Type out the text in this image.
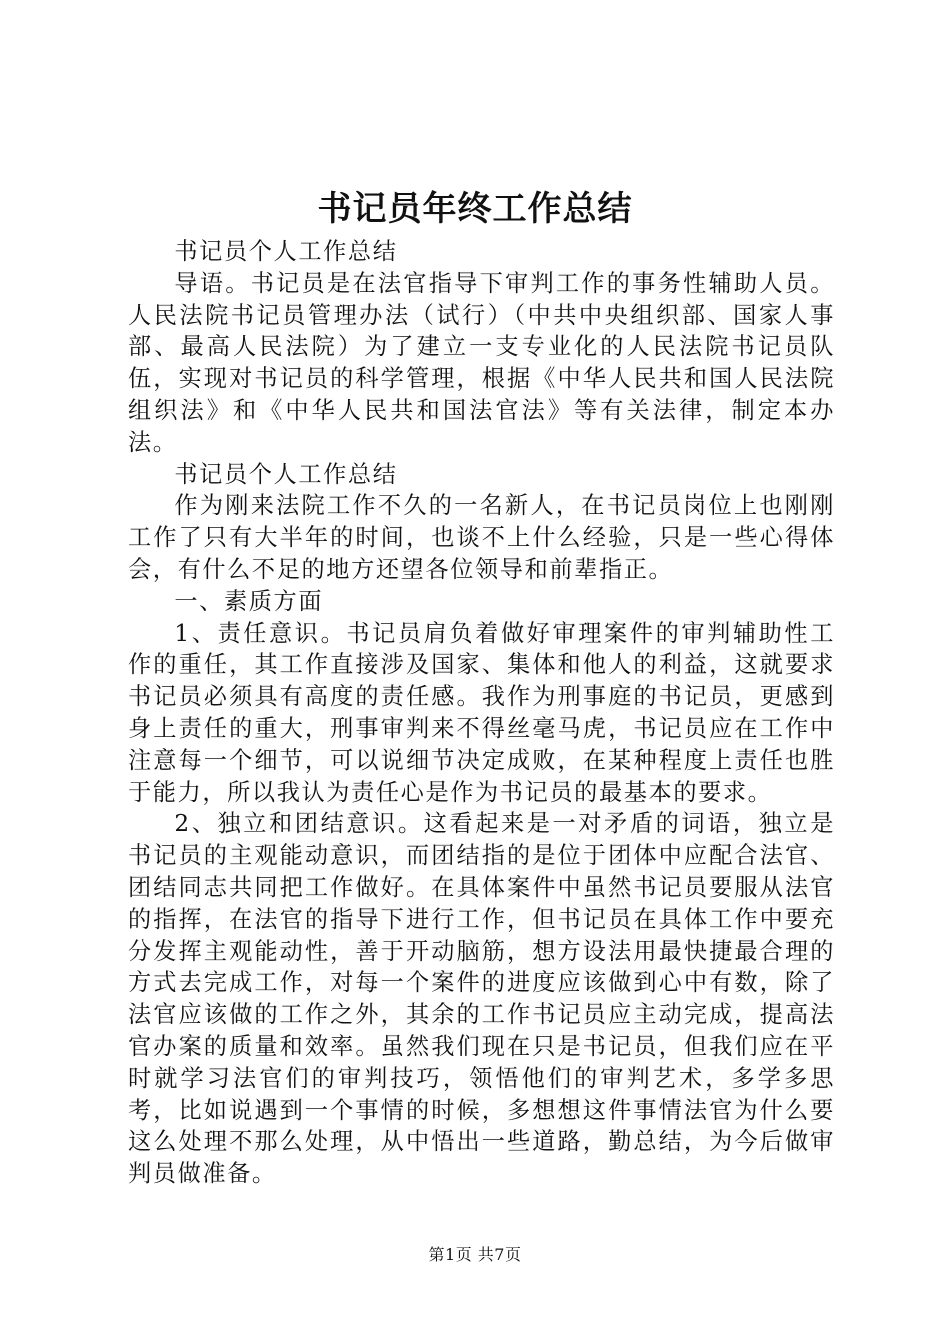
书记员年终工作总结

书记员个人工作总结

导语。书记员是在法官指导下审判工作的事务性辅助人员。人民法院书记员管理办法（试行）（中共中央组织部、国家人事部、最高人民法院）为了建立一支专业化的人民法院书记员队伍，实现对书记员的科学管理，根据《中华人民共和国人民法院组织法》和《中华人民共和国法官法》等有关法律，制定本办法。

书记员个人工作总结

作为刚来法院工作不久的一名新人，在书记员岗位上也刚刚工作了只有大半年的时间，也谈不上什么经验，只是一些心得体会，有什么不足的地方还望各位领导和前辈指正。

一、素质方面

1、责任意识。书记员肩负着做好审理案件的审判辅助性工作的重任，其工作直接涉及国家、集体和他人的利益，这就要求书记员必须具有高度的责任感。我作为刑事庭的书记员，更感到身上责任的重大，刑事审判来不得丝毫马虎，书记员应在工作中注意每一个细节，可以说细节决定成败，在某种程度上责任也胜于能力，所以我认为责任心是作为书记员的最基本的要求。

2、独立和团结意识。这看起来是一对矛盾的词语，独立是书记员的主观能动意识，而团结指的是位于团体中应配合法官、团结同志共同把工作做好。在具体案件中虽然书记员要服从法官的指挥，在法官的指导下进行工作，但书记员在具体工作中要充分发挥主观能动性，善于开动脑筋，想方设法用最快捷最合理的方式去完成工作，对每一个案件的进度应该做到心中有数，除了法官应该做的工作之外，其余的工作书记员应主动完成，提高法官办案的质量和效率。虽然我们现在只是书记员，但我们应在平时就学习法官们的审判技巧，领悟他们的审判艺术，多学多思考，比如说遇到一个事情的时候，多想想这件事情法官为什么要这么处理不那么处理，从中悟出一些道路，勤总结，为今后做审判员做准备。

第1页 共7页
